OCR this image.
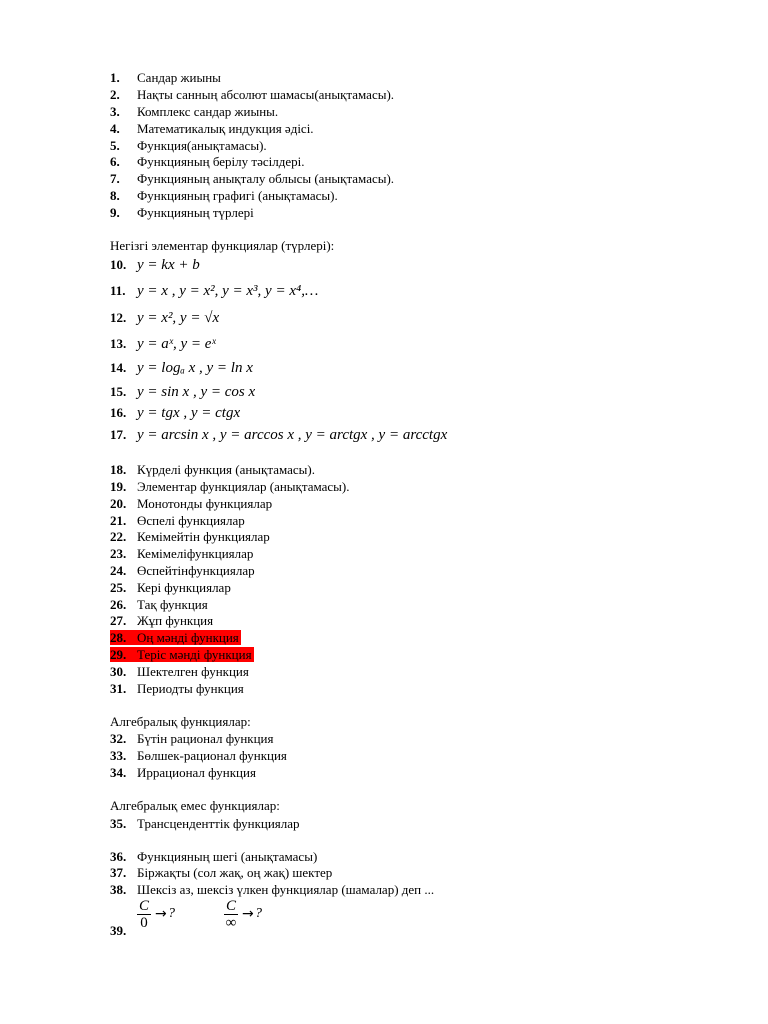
1. Сандар жиыны
2. Нақты санның абсолют шамасы(анықтамасы).
3. Комплекс сандар жиыны.
4. Математикалық индукция әдісі.
5. Функция(анықтамасы).
6. Функцияның берілу тәсілдері.
7. Функцияның анықталу облысы (анықтамасы).
8. Функцияның графигі (анықтамасы).
9. Функцияның түрлері
Негізгі элементар функциялар (түрлері):
10. y = kx + b
11. y = x , y = x², y = x³, y = x⁴,…
12. y = x², y = √x
13. y = aˣ, y = eˣ
14. y = logₐ x , y = ln x
15. y = sin x , y = cos x
16. y = tgx , y = ctgx
17. y = arcsin x , y = arccos x , y = arctgx , y = arcctgx
18. Күрделі функция (анықтамасы).
19. Элементар функциялар (анықтамасы).
20. Монотонды функциялар
21. Өспелі функциялар
22. Кемімейтін функциялар
23. Кемімеліфункциялар
24. Өспейтінфункциялар
25. Кері функциялар
26. Тақ функция
27. Жұп функция
28. Оң мәнді функция
29. Теріс мәнді функция
30. Шектелген функция
31. Периодты функция
Алгебралық функциялар:
32. Бүтін рационал функция
33. Бөлшек-рационал функция
34. Иррационал функция
Алгебралық емес функциялар:
35. Трансценденттік функциялар
36. Функцияның шегі (анықтамасы)
37. Біржақты (сол жақ, оң жақ) шектер
38. Шексіз аз, шексіз үлкен функциялар (шамалар) деп ...
39. $\frac{C}{0}$ → ?	C
∞
→ ?
